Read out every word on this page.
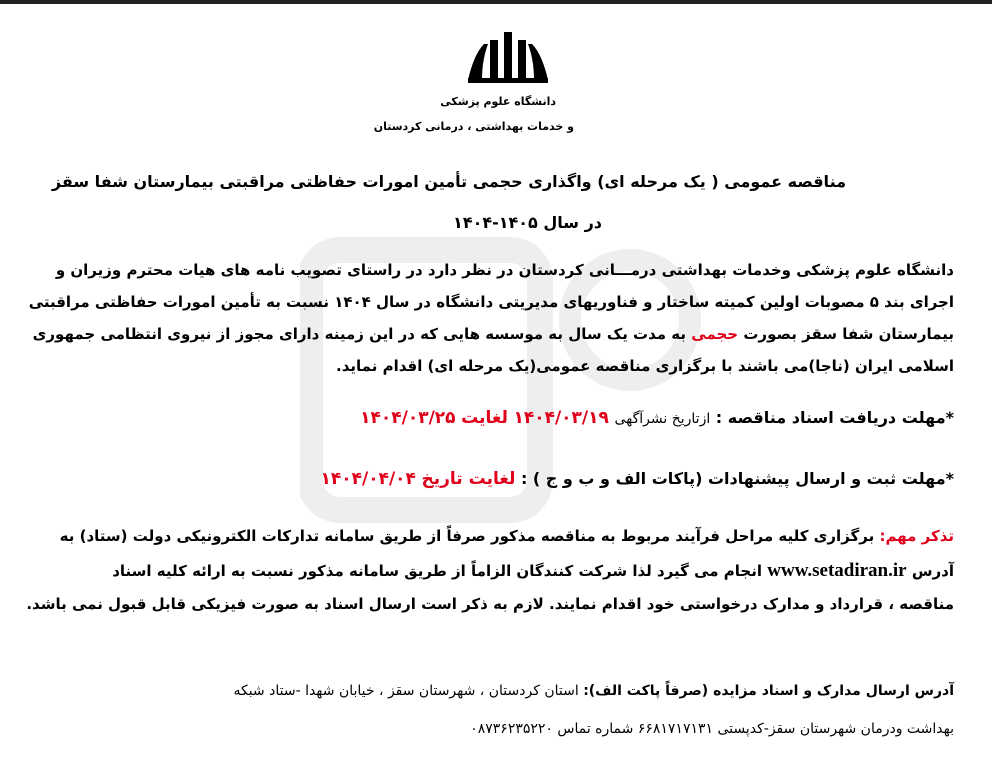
دانشگاه علوم پزشکی
و خدمات بهداشتی ، درمانی کردستان
مناقصه عمومی ( یک مرحله ای) واگذاری حجمی تأمین امورات حفاظتی مراقبتی بیمارستان شفا سقز
در سال ۱۴۰۵-۱۴۰۴
دانشگاه علوم پزشکی وخدمات بهداشتی درمـــانی کردستان در نظر دارد در راستای تصویب نامه های هیات محترم وزیران و
اجرای بند ۵ مصوبات اولین کمیته ساختار و فناوریهای مدیریتی دانشگاه در سال ۱۴۰۴ نسبت به تأمین امورات حفاظتی مراقبتی
بیمارستان شفا سقز بصورت حجمی به مدت یک سال به موسسه هایی که در این زمینه دارای مجوز از نیروی انتظامی جمهوری
اسلامی ایران (ناجا)می باشند با برگزاری مناقصه عمومی(یک مرحله ای) اقدام نماید.
*مهلت دریافت اسناد مناقصه : ازتاریخ نشرآگهی ۱۴۰۴/۰۳/۱۹ لغایت ۱۴۰۴/۰۳/۲۵
*مهلت ثبت و ارسال پیشنهادات (پاکات الف و ب و ج ) : لغایت تاریخ ۱۴۰۴/۰۴/۰۴
تذکر مهم: برگزاری کلیه مراحل فرآیند مربوط به مناقصه مذکور صرفاً از طریق سامانه تدارکات الکترونیکی دولت (ستاد) به
آدرس www.setadiran.ir انجام می گیرد لذا شرکت کنندگان الزاماً از طریق سامانه مذکور نسبت به ارائه کلیه اسناد
مناقصه ، قرارداد و مدارک درخواستی خود اقدام نمایند. لازم به ذکر است ارسال اسناد به صورت فیزیکی قابل قبول نمی باشد.
آدرس ارسال مدارک و اسناد مزایده (صرفاً پاکت الف): استان کردستان ، شهرستان سقز ، خیابان شهدا -ستاد شبکه
بهداشت ودرمان شهرستان سقز-کدپستی ۶۶۸۱۷۱۷۱۳۱ شماره تماس ۰۸۷۳۶۲۳۵۲۲۰
